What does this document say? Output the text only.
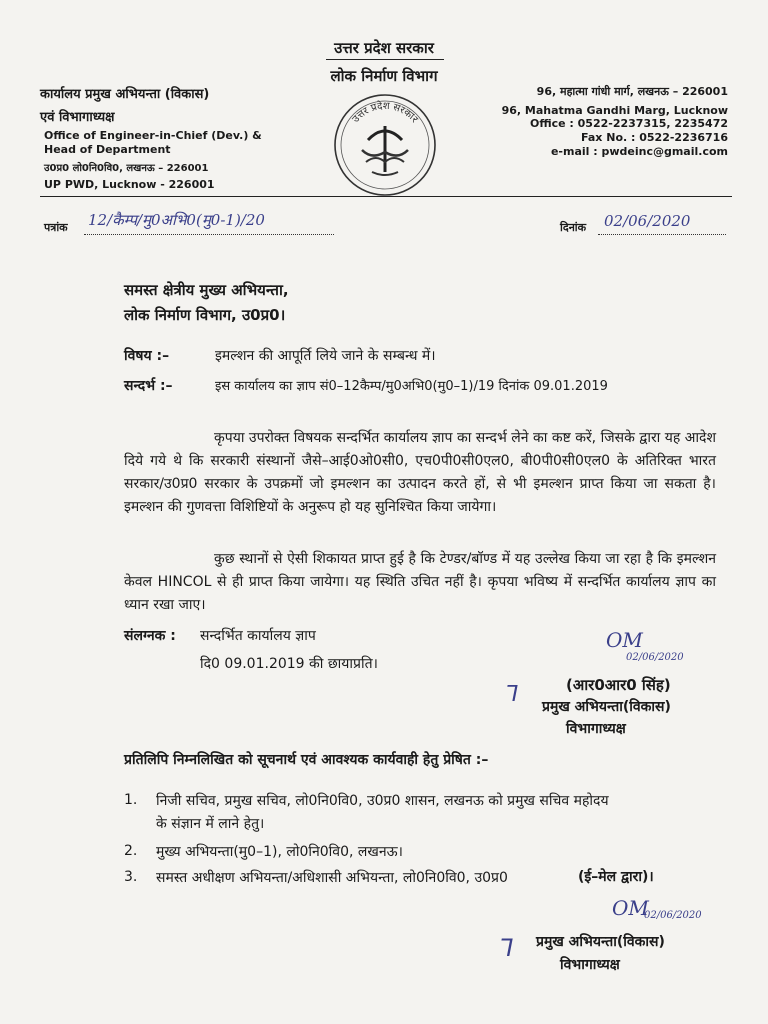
उत्तर प्रदेश सरकार
लोक निर्माण विभाग
कार्यालय प्रमुख अभियन्ता (विकास)
एवं विभागाध्यक्ष
Office of Engineer-in-Chief (Dev.) &
Head of Department
उ0प्र0 लो0नि0वि0, लखनऊ – 226001
UP PWD, Lucknow - 226001
उत्तर प्रदेश सरकार
96, महात्मा गांधी मार्ग, लखनऊ – 226001
96, Mahatma Gandhi Marg, Lucknow
Office : 0522-2237315, 2235472
Fax No. : 0522-2236716
e-mail : pwdeinc@gmail.com
पत्रांक 12/कैम्प/मु0अभि0(मु0-1)/20	दिनांक 02/06/2020
समस्त क्षेत्रीय मुख्य अभियन्ता,
लोक निर्माण विभाग, उ0प्र0।
विषय :–	इमल्शन की आपूर्ति लिये जाने के सम्बन्ध में।
सन्दर्भ :–	इस कार्यालय का ज्ञाप सं0–12कैम्प/मु0अभि0(मु0–1)/19 दिनांक 09.01.2019
कृपया उपरोक्त विषयक सन्दर्भित कार्यालय ज्ञाप का सन्दर्भ लेने का कष्ट करें, जिसके द्वारा यह आदेश दिये गये थे कि सरकारी संस्थानों जैसे–आई0ओ0सी0, एच0पी0सी0एल0, बी0पी0सी0एल0 के अतिरिक्त भारत सरकार/उ0प्र0 सरकार के उपक्रमों जो इमल्शन का उत्पादन करते हों, से भी इमल्शन प्राप्त किया जा सकता है। इमल्शन की गुणवत्ता विशिष्टियों के अनुरूप हो यह सुनिश्चित किया जायेगा।
कुछ स्थानों से ऐसी शिकायत प्राप्त हुई है कि टेण्डर/बॉण्ड में यह उल्लेख किया जा रहा है कि इमल्शन केवल HINCOL से ही प्राप्त किया जायेगा। यह स्थिति उचित नहीं है। कृपया भविष्य में सन्दर्भित कार्यालय ज्ञाप का ध्यान रखा जाए।
संलग्नक : सन्दर्भित कार्यालय ज्ञाप
दि0 09.01.2019 की छायाप्रति।
OM
02/06/2020
⅂	(आर0आर0 सिंह)
प्रमुख अभियन्ता(विकास)
विभागाध्यक्ष
प्रतिलिपि निम्नलिखित को सूचनार्थ एवं आवश्यक कार्यवाही हेतु प्रेषित :–
1. निजी सचिव, प्रमुख सचिव, लो0नि0वि0, उ0प्र0 शासन, लखनऊ को प्रमुख सचिव महोदय
के संज्ञान में लाने हेतु।
2. मुख्य अभियन्ता(मु0–1), लो0नि0वि0, लखनऊ।
3. समस्त अधीक्षण अभियन्ता/अधिशासी अभियन्ता, लो0नि0वि0, उ0प्र0	(ई–मेल द्वारा)।
OM
02/06/2020
⅂ प्रमुख अभियन्ता(विकास)
विभागाध्यक्ष
